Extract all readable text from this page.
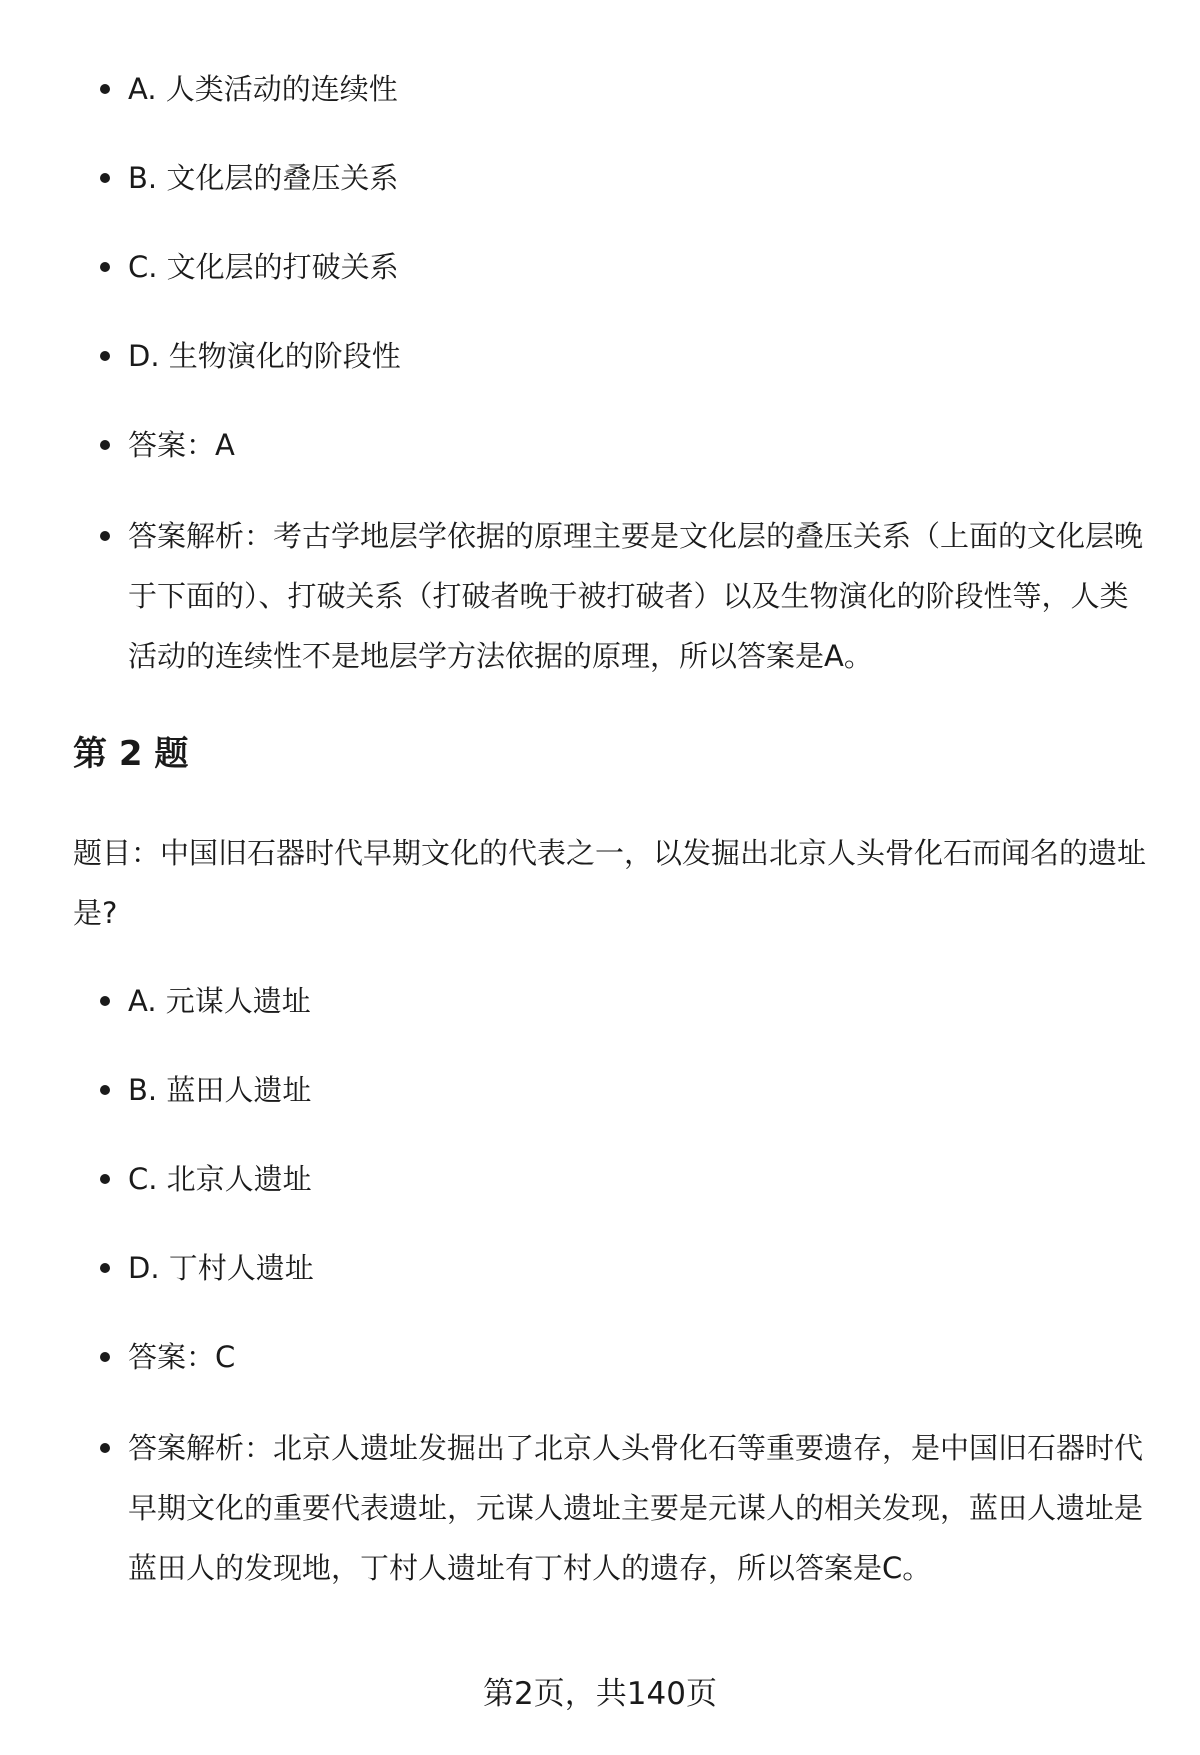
A. 人类活动的连续性
B. 文化层的叠压关系
C. 文化层的打破关系
D. 生物演化的阶段性
答案：A
答案解析：考古学地层学依据的原理主要是文化层的叠压关系（上面的文化层晚于下面的）、打破关系（打破者晚于被打破者）以及生物演化的阶段性等，人类活动的连续性不是地层学方法依据的原理，所以答案是A。
第 2 题

题目：中国旧石器时代早期文化的代表之一，以发掘出北京人头骨化石而闻名的遗址是?

A. 元谋人遗址
B. 蓝田人遗址
C. 北京人遗址
D. 丁村人遗址
答案：C
答案解析：北京人遗址发掘出了北京人头骨化石等重要遗存，是中国旧石器时代早期文化的重要代表遗址，元谋人遗址主要是元谋人的相关发现，蓝田人遗址是蓝田人的发现地，丁村人遗址有丁村人的遗存，所以答案是C。
第2页，共140页
